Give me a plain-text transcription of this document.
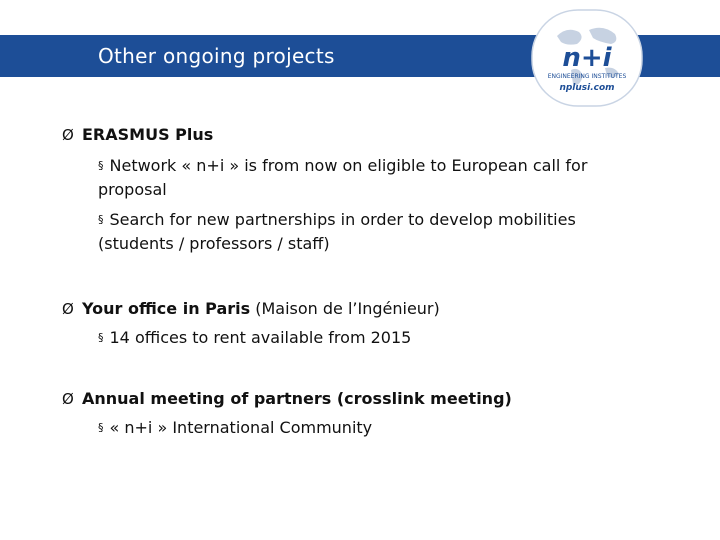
Other ongoing projects	n+i
ENGINEERING INSTITUTES
nplusi.com
Ø ERASMUS Plus

§ Network « n+i » is from now on eligible to European call for proposal

§ Search for new partnerships in order to develop mobilities (students / professors / staff)

Ø Your office in Paris (Maison de l’Ingénieur)

§ 14 offices to rent available from 2015

Ø Annual meeting of partners (crosslink meeting)

§ « n+i » International Community
